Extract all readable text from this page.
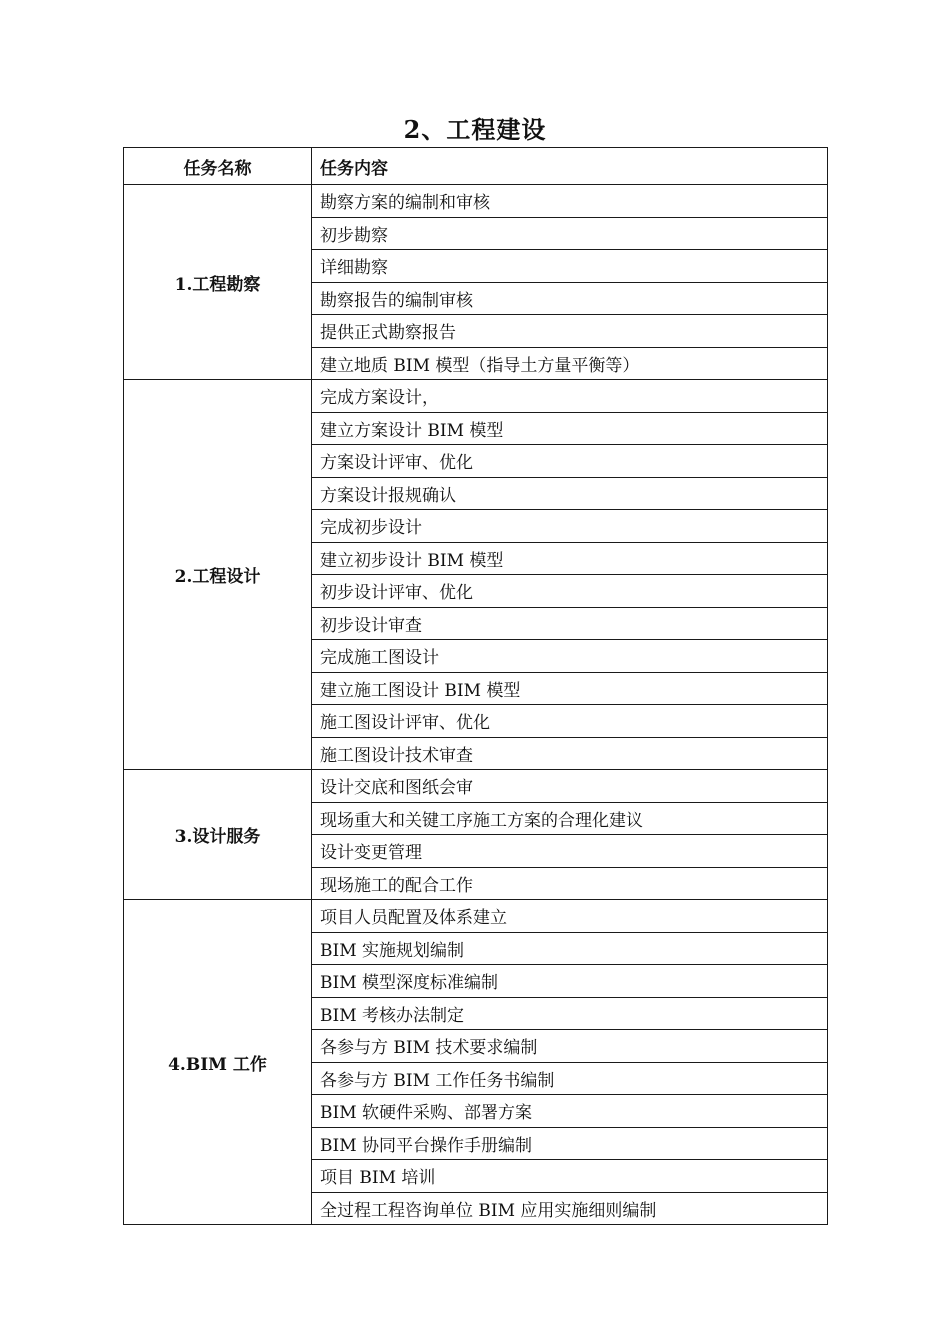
2、工程建设
任务名称	任务内容
1.工程勘察	勘察方案的编制和审核
	初步勘察
	详细勘察
	勘察报告的编制审核
	提供正式勘察报告
	建立地质 BIM 模型（指导土方量平衡等）
2.工程设计	完成方案设计，
	建立方案设计 BIM 模型
	方案设计评审、优化
	方案设计报规确认
	完成初步设计
	建立初步设计 BIM 模型
	初步设计评审、优化
	初步设计审查
	完成施工图设计
	建立施工图设计 BIM 模型
	施工图设计评审、优化
	施工图设计技术审查
3.设计服务	设计交底和图纸会审
	现场重大和关键工序施工方案的合理化建议
	设计变更管理
	现场施工的配合工作
4.BIM 工作	项目人员配置及体系建立
	BIM 实施规划编制
	BIM 模型深度标准编制
	BIM 考核办法制定
	各参与方 BIM 技术要求编制
	各参与方 BIM 工作任务书编制
	BIM 软硬件采购、部署方案
	BIM 协同平台操作手册编制
	项目 BIM 培训
	全过程工程咨询单位 BIM 应用实施细则编制
